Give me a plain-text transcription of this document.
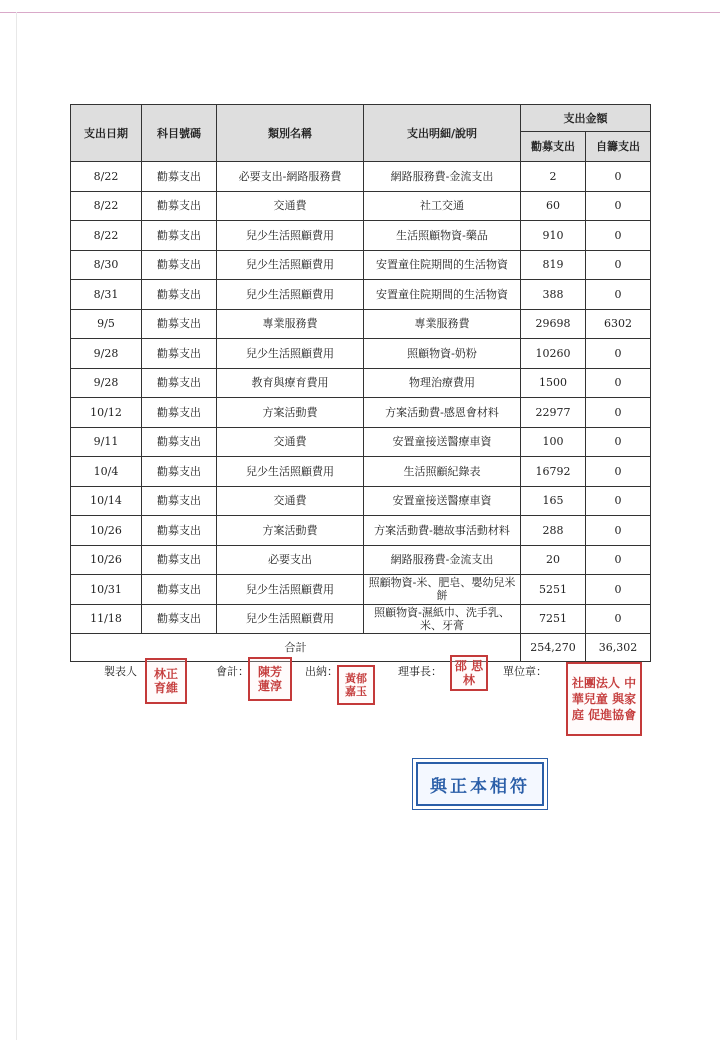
支出日期	科目號碼	類別名稱	支出明細/說明	支出金額	
				勸募支出	自籌支出
8/22	勸募支出	必要支出-網路服務費	網路服務費-金流支出	2	0
8/22	勸募支出	交通費	社工交通	60	0
8/22	勸募支出	兒少生活照顧費用	生活照顧物資-藥品	910	0
8/30	勸募支出	兒少生活照顧費用	安置童住院期間的生活物資	819	0
8/31	勸募支出	兒少生活照顧費用	安置童住院期間的生活物資	388	0
9/5	勸募支出	專業服務費	專業服務費	29698	6302
9/28	勸募支出	兒少生活照顧費用	照顧物資-奶粉	10260	0
9/28	勸募支出	教育與療育費用	物理治療費用	1500	0
10/12	勸募支出	方案活動費	方案活動費-感恩會材料	22977	0
9/11	勸募支出	交通費	安置童接送醫療車資	100	0
10/4	勸募支出	兒少生活照顧費用	生活照顧紀錄表	16792	0
10/14	勸募支出	交通費	安置童接送醫療車資	165	0
10/26	勸募支出	方案活動費	方案活動費-聽故事活動材料	288	0
10/26	勸募支出	必要支出	網路服務費-金流支出	20	0
10/31	勸募支出	兒少生活照顧費用	照顧物資-米、肥皂、嬰幼兒米餅	5251	0
11/18	勸募支出	兒少生活照顧費用	照顧物資-濕紙巾、洗手乳、米、牙膏	7251	0
合計				254,270	36,302
製表人	林正 育維
會計： 陳芳 蓮淳
出納：
黃郁 嘉玉
理事長： 邵 思林
單位章：
社團法人 中華兒童 與家庭 促進協會
與正本相符
